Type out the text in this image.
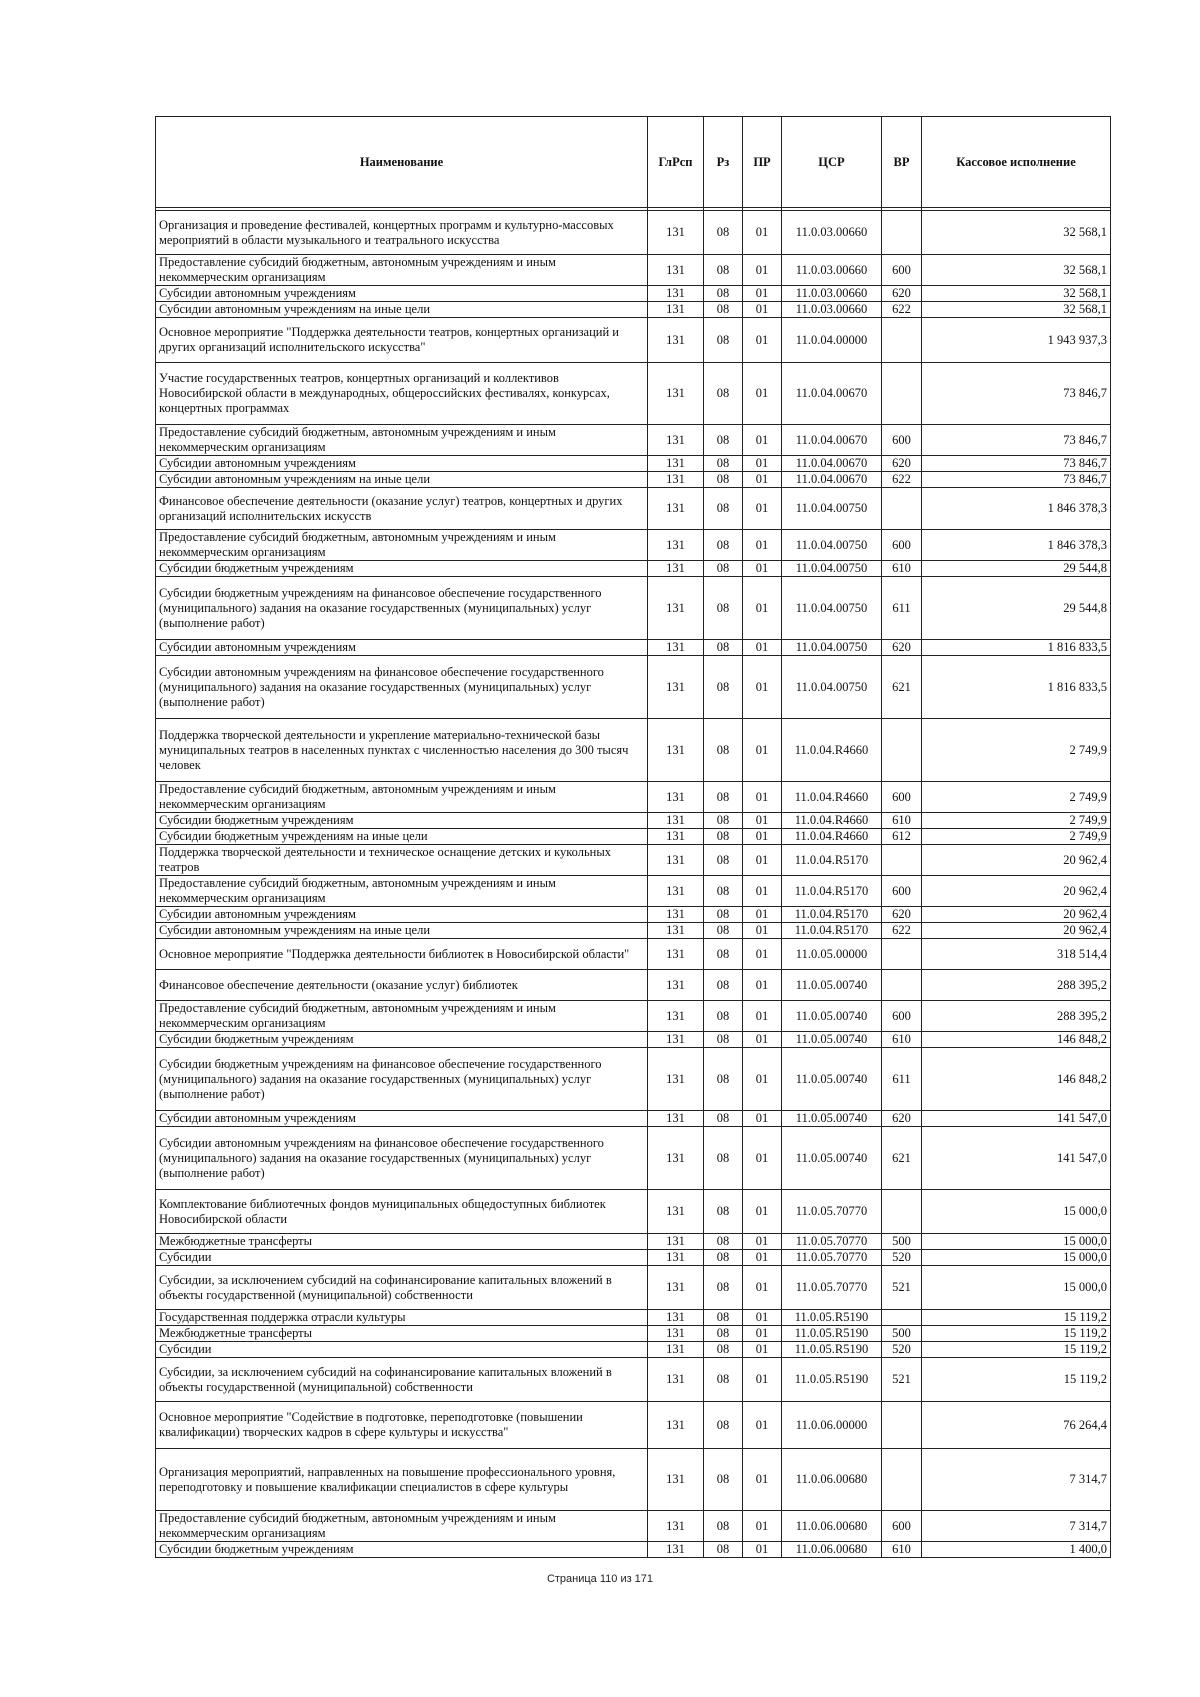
Наименование	ГлРсп	Рз	ПР	ЦСР	ВР	Кассовое исполнение

Организация и проведение фестивалей, концертных программ и культурно-массовых мероприятий в области музыкального и театрального искусства	131	08	01	11.0.03.00660		32 568,1
Предоставление субсидий бюджетным, автономным учреждениям и иным некоммерческим организациям	131	08	01	11.0.03.00660	600	32 568,1
Субсидии автономным учреждениям	131	08	01	11.0.03.00660	620	32 568,1
Субсидии автономным учреждениям на иные цели	131	08	01	11.0.03.00660	622	32 568,1
Основное мероприятие "Поддержка деятельности театров, концертных организаций и других организаций исполнительского искусства"	131	08	01	11.0.04.00000		1 943 937,3
Участие государственных театров, концертных организаций и коллективов Новосибирской области в международных, общероссийских фестивалях, конкурсах, концертных программах	131	08	01	11.0.04.00670		73 846,7
Предоставление субсидий бюджетным, автономным учреждениям и иным некоммерческим организациям	131	08	01	11.0.04.00670	600	73 846,7
Субсидии автономным учреждениям	131	08	01	11.0.04.00670	620	73 846,7
Субсидии автономным учреждениям на иные цели	131	08	01	11.0.04.00670	622	73 846,7
Финансовое обеспечение деятельности (оказание услуг) театров, концертных и других организаций исполнительских искусств	131	08	01	11.0.04.00750		1 846 378,3
Предоставление субсидий бюджетным, автономным учреждениям и иным некоммерческим организациям	131	08	01	11.0.04.00750	600	1 846 378,3
Субсидии бюджетным учреждениям	131	08	01	11.0.04.00750	610	29 544,8
Субсидии бюджетным учреждениям на финансовое обеспечение государственного (муниципального) задания на оказание государственных (муниципальных) услуг (выполнение работ)	131	08	01	11.0.04.00750	611	29 544,8
Субсидии автономным учреждениям	131	08	01	11.0.04.00750	620	1 816 833,5
Субсидии автономным учреждениям на финансовое обеспечение государственного (муниципального) задания на оказание государственных (муниципальных) услуг (выполнение работ)	131	08	01	11.0.04.00750	621	1 816 833,5
Поддержка творческой деятельности и укрепление материально-технической базы муниципальных театров в населенных пунктах с численностью населения до 300 тысяч человек	131	08	01	11.0.04.R4660		2 749,9
Предоставление субсидий бюджетным, автономным учреждениям и иным некоммерческим организациям	131	08	01	11.0.04.R4660	600	2 749,9
Субсидии бюджетным учреждениям	131	08	01	11.0.04.R4660	610	2 749,9
Субсидии бюджетным учреждениям на иные цели	131	08	01	11.0.04.R4660	612	2 749,9
Поддержка творческой деятельности и техническое оснащение детских и кукольных театров	131	08	01	11.0.04.R5170		20 962,4
Предоставление субсидий бюджетным, автономным учреждениям и иным некоммерческим организациям	131	08	01	11.0.04.R5170	600	20 962,4
Субсидии автономным учреждениям	131	08	01	11.0.04.R5170	620	20 962,4
Субсидии автономным учреждениям на иные цели	131	08	01	11.0.04.R5170	622	20 962,4
Основное мероприятие "Поддержка деятельности библиотек в Новосибирской области"	131	08	01	11.0.05.00000		318 514,4
Финансовое обеспечение деятельности (оказание услуг) библиотек	131	08	01	11.0.05.00740		288 395,2
Предоставление субсидий бюджетным, автономным учреждениям и иным некоммерческим организациям	131	08	01	11.0.05.00740	600	288 395,2
Субсидии бюджетным учреждениям	131	08	01	11.0.05.00740	610	146 848,2
Субсидии бюджетным учреждениям на финансовое обеспечение государственного (муниципального) задания на оказание государственных (муниципальных) услуг (выполнение работ)	131	08	01	11.0.05.00740	611	146 848,2
Субсидии автономным учреждениям	131	08	01	11.0.05.00740	620	141 547,0
Субсидии автономным учреждениям на финансовое обеспечение государственного (муниципального) задания на оказание государственных (муниципальных) услуг (выполнение работ)	131	08	01	11.0.05.00740	621	141 547,0
Комплектование библиотечных фондов муниципальных общедоступных библиотек Новосибирской области	131	08	01	11.0.05.70770		15 000,0
Межбюджетные трансферты	131	08	01	11.0.05.70770	500	15 000,0
Субсидии	131	08	01	11.0.05.70770	520	15 000,0
Субсидии, за исключением субсидий на софинансирование капитальных вложений в объекты государственной (муниципальной) собственности	131	08	01	11.0.05.70770	521	15 000,0
Государственная поддержка отрасли культуры	131	08	01	11.0.05.R5190		15 119,2
Межбюджетные трансферты	131	08	01	11.0.05.R5190	500	15 119,2
Субсидии	131	08	01	11.0.05.R5190	520	15 119,2
Субсидии, за исключением субсидий на софинансирование капитальных вложений в объекты государственной (муниципальной) собственности	131	08	01	11.0.05.R5190	521	15 119,2
Основное мероприятие "Содействие в подготовке, переподготовке (повышении квалификации) творческих кадров в сфере культуры и искусства"	131	08	01	11.0.06.00000		76 264,4
Организация мероприятий, направленных на повышение профессионального уровня, переподготовку и повышение квалификации специалистов в сфере культуры	131	08	01	11.0.06.00680		7 314,7
Предоставление субсидий бюджетным, автономным учреждениям и иным некоммерческим организациям	131	08	01	11.0.06.00680	600	7 314,7
Субсидии бюджетным учреждениям	131	08	01	11.0.06.00680	610	1 400,0
Страница 110 из 171
